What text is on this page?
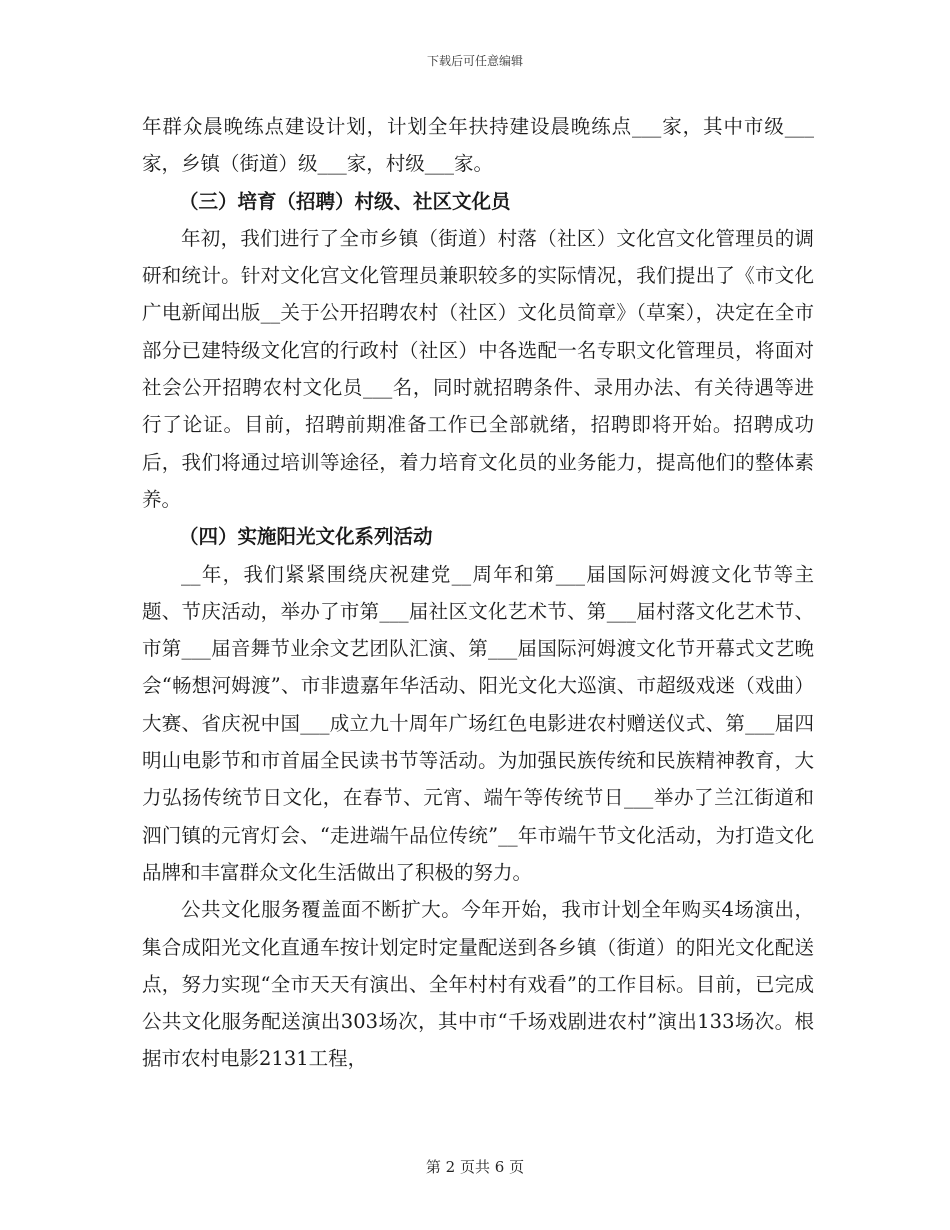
下载后可任意编辑

年群众晨晚练点建设计划，计划全年扶持建设晨晚练点___家，其中市级___家，乡镇（街道）级___家，村级___家。

（三）培育（招聘）村级、社区文化员

年初，我们进行了全市乡镇（街道）村落（社区）文化宫文化管理员的调研和统计。针对文化宫文化管理员兼职较多的实际情况，我们提出了《市文化广电新闻出版__关于公开招聘农村（社区）文化员简章》（草案），决定在全市部分已建特级文化宫的行政村（社区）中各选配一名专职文化管理员，将面对社会公开招聘农村文化员___名，同时就招聘条件、录用办法、有关待遇等进行了论证。目前，招聘前期准备工作已全部就绪，招聘即将开始。招聘成功后，我们将通过培训等途径，着力培育文化员的业务能力，提高他们的整体素养。

（四）实施阳光文化系列活动

__年，我们紧紧围绕庆祝建党__周年和第___届国际河姆渡文化节等主题、节庆活动，举办了市第___届社区文化艺术节、第___届村落文化艺术节、市第___届音舞节业余文艺团队汇演、第___届国际河姆渡文化节开幕式文艺晚会“畅想河姆渡”、市非遗嘉年华活动、阳光文化大巡演、市超级戏迷（戏曲）大赛、省庆祝中国___成立九十周年广场红色电影进农村赠送仪式、第___届四明山电影节和市首届全民读书节等活动。为加强民族传统和民族精神教育，大力弘扬传统节日文化，在春节、元宵、端午等传统节日___举办了兰江街道和泗门镇的元宵灯会、“走进端午品位传统”__年市端午节文化活动，为打造文化品牌和丰富群众文化生活做出了积极的努力。

公共文化服务覆盖面不断扩大。今年开始，我市计划全年购买4场演出，集合成阳光文化直通车按计划定时定量配送到各乡镇（街道）的阳光文化配送点，努力实现“全市天天有演出、全年村村有戏看”的工作目标。目前，已完成公共文化服务配送演出303场次，其中市“千场戏剧进农村”演出133场次。根据市农村电影2131工程，

第 2 页共 6 页
